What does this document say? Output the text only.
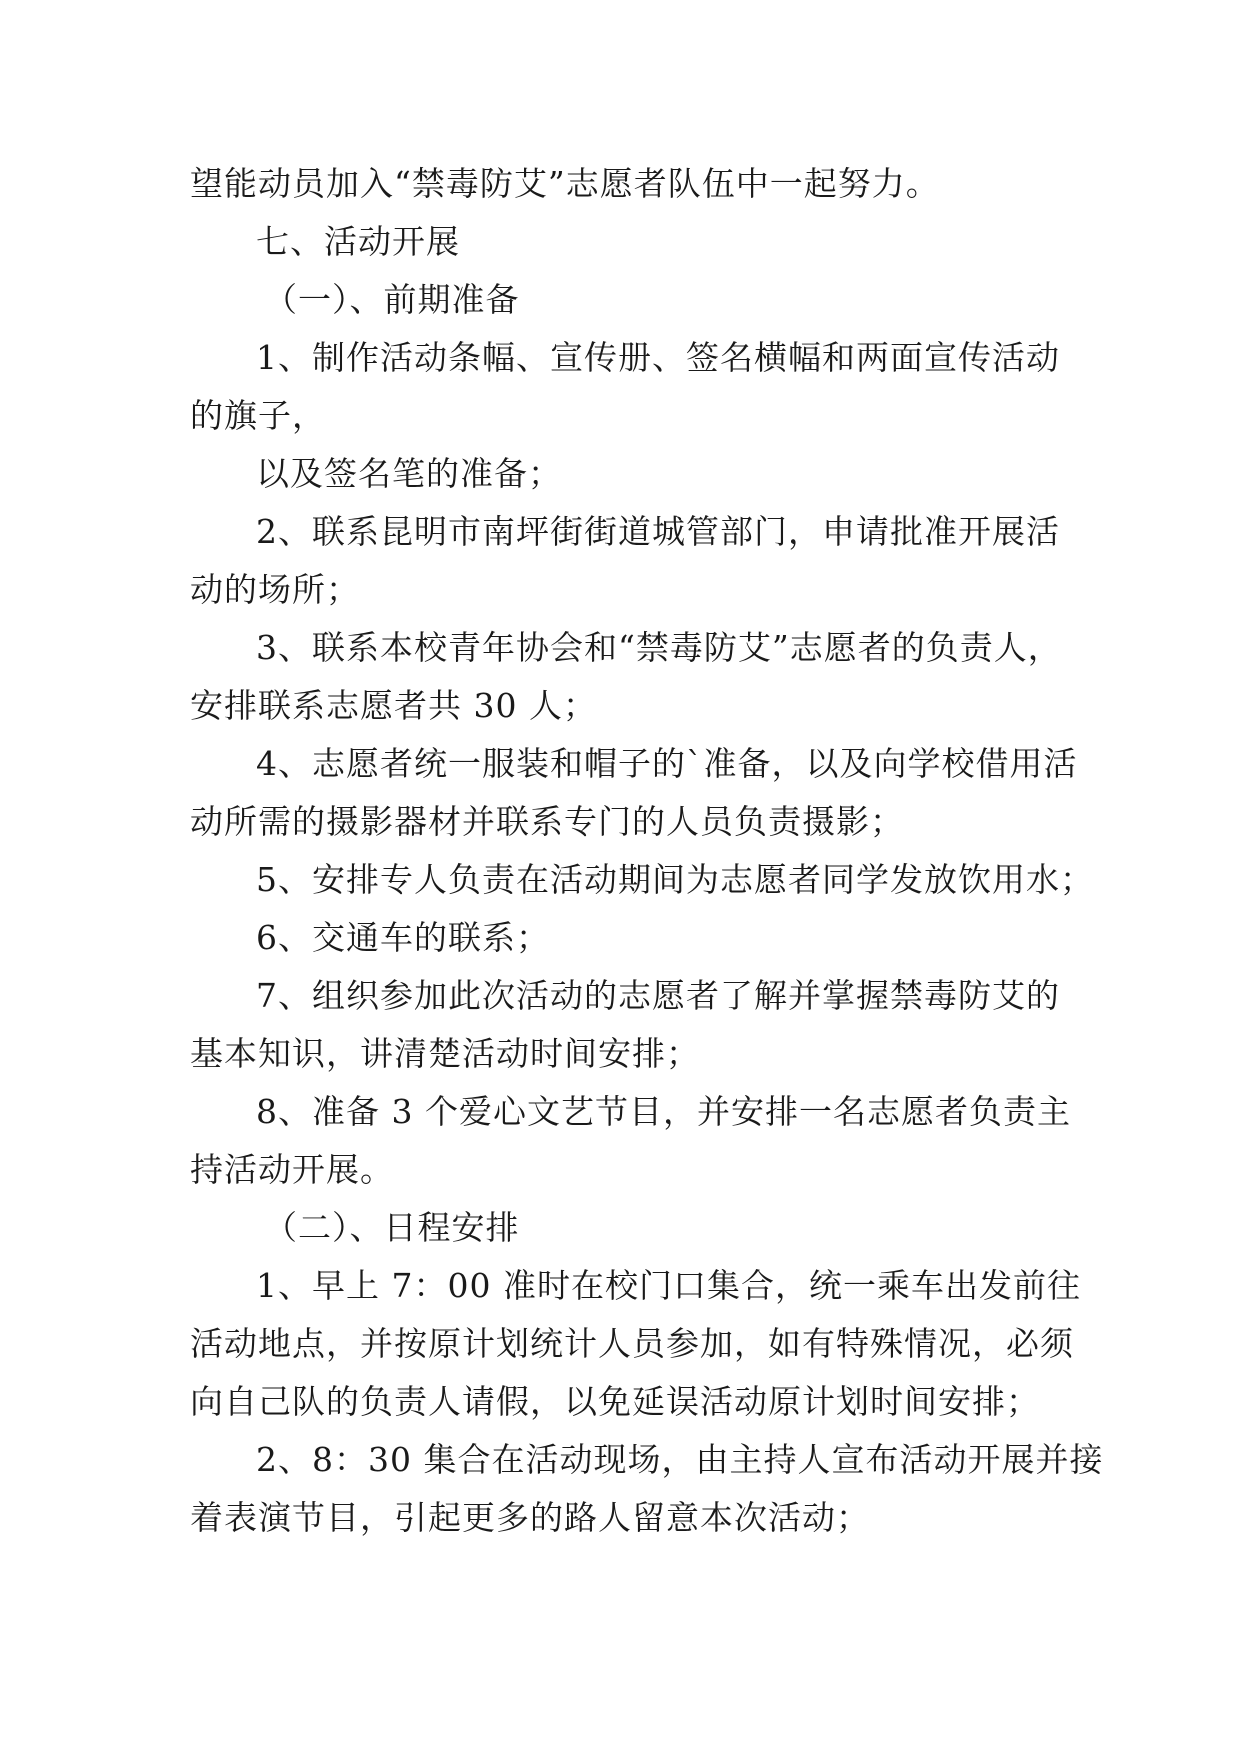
望能动员加入“禁毒防艾”志愿者队伍中一起努力。

七、活动开展

（一）、前期准备

1、制作活动条幅、宣传册、签名横幅和两面宣传活动

的旗子，

以及签名笔的准备；

2、联系昆明市南坪街街道城管部门，申请批准开展活

动的场所；

3、联系本校青年协会和“禁毒防艾”志愿者的负责人，

安排联系志愿者共 30 人；

4、志愿者统一服装和帽子的`准备，以及向学校借用活

动所需的摄影器材并联系专门的人员负责摄影；

5、安排专人负责在活动期间为志愿者同学发放饮用水；

6、交通车的联系；

7、组织参加此次活动的志愿者了解并掌握禁毒防艾的

基本知识，讲清楚活动时间安排；

8、准备 3 个爱心文艺节目，并安排一名志愿者负责主

持活动开展。

（二）、日程安排

1、早上 7：00 准时在校门口集合，统一乘车出发前往

活动地点，并按原计划统计人员参加，如有特殊情况，必须

向自己队的负责人请假，以免延误活动原计划时间安排；

2、8：30 集合在活动现场，由主持人宣布活动开展并接

着表演节目，引起更多的路人留意本次活动；
